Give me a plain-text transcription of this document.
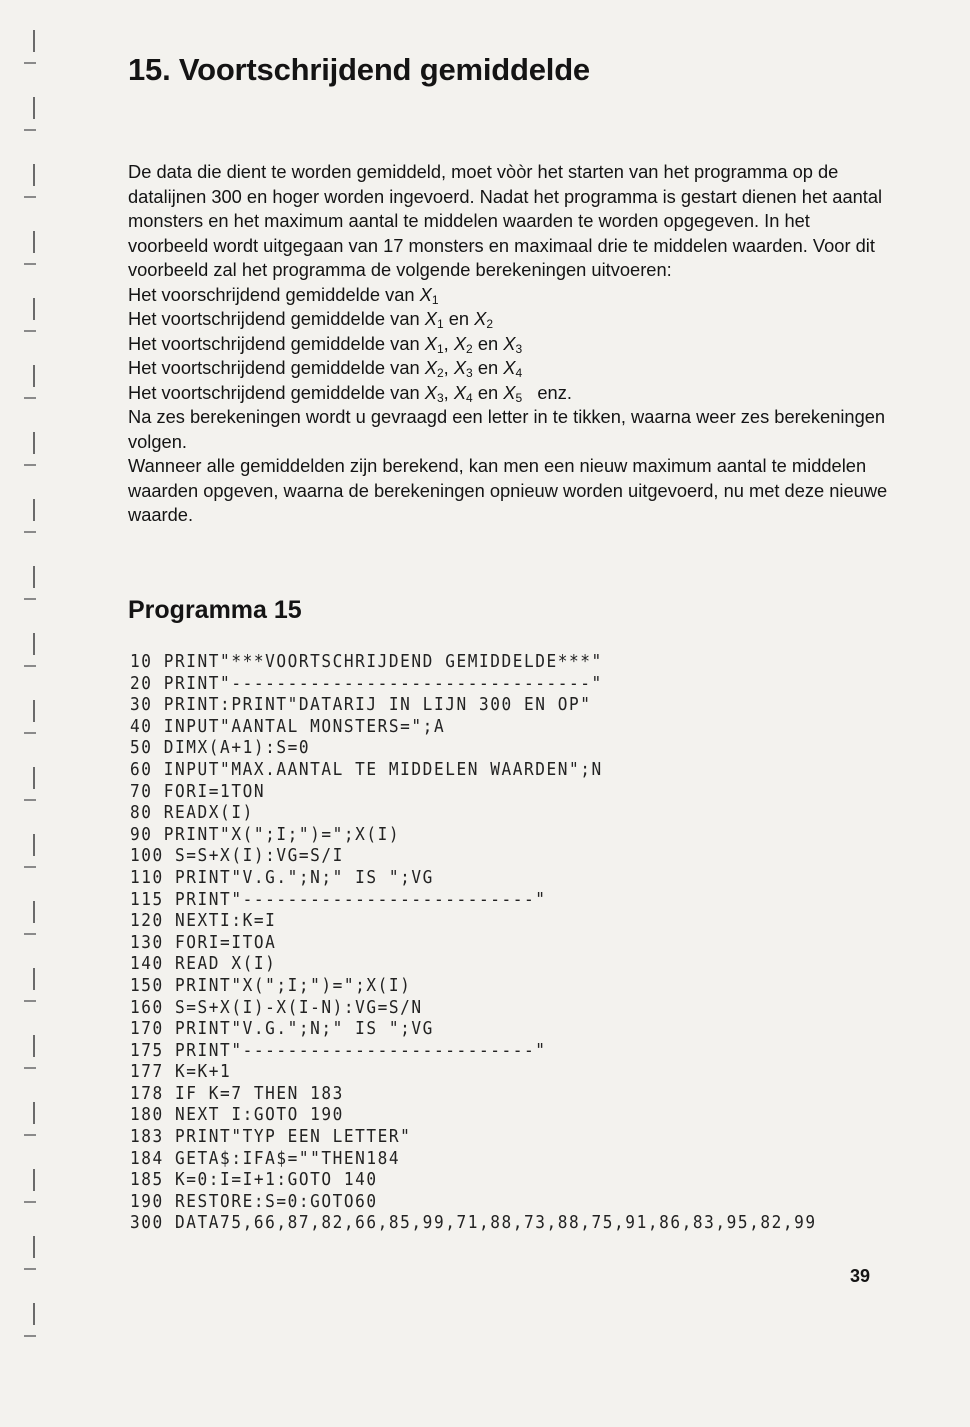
15. Voortschrijdend gemiddelde

De data die dient te worden gemiddeld, moet vòòr het starten van het programma op de datalijnen 300 en hoger worden ingevoerd. Nadat het programma is gestart dienen het aantal monsters en het maximum aantal te middelen waarden te worden opgegeven. In het voorbeeld wordt uitgegaan van 17 monsters en maximaal drie te middelen waarden. Voor dit voorbeeld zal het programma de volgende berekeningen uitvoeren:

Het voorschrijdend gemiddelde van $X_1$

Het voortschrijdend gemiddelde van $X_1$ en $X_2$

Het voortschrijdend gemiddelde van $X_1$, $X_2$ en $X_3$

Het voortschrijdend gemiddelde van $X_2$, $X_3$ en $X_4$

Het voortschrijdend gemiddelde van $X_3$, $X_4$ en $X_5$ enz.

Na zes berekeningen wordt u gevraagd een letter in te tikken, waarna weer zes berekeningen volgen.

Wanneer alle gemiddelden zijn berekend, kan men een nieuw maximum aantal te middelen waarden opgeven, waarna de berekeningen opnieuw worden uitgevoerd, nu met deze nieuwe waarde.

Programma 15
10 PRINT"***VOORTSCHRIJDEND GEMIDDELDE***"
20 PRINT"--------------------------------"
30 PRINT:PRINT"DATARIJ IN LIJN 300 EN OP"
40 INPUT"AANTAL MONSTERS=";A
50 DIMX(A+1):S=0
60 INPUT"MAX.AANTAL TE MIDDELEN WAARDEN";N
70 FORI=1TON
80 READX(I)
90 PRINT"X(";I;")=";X(I)
100 S=S+X(I):VG=S/I
110 PRINT"V.G.";N;" IS ";VG
115 PRINT"--------------------------"
120 NEXTI:K=I
130 FORI=ITOA
140 READ X(I)
150 PRINT"X(";I;")=";X(I)
160 S=S+X(I)-X(I-N):VG=S/N
170 PRINT"V.G.";N;" IS ";VG
175 PRINT"--------------------------"
177 K=K+1
178 IF K=7 THEN 183
180 NEXT I:GOTO 190
183 PRINT"TYP EEN LETTER"
184 GETA$:IFA$=""THEN184
185 K=0:I=I+1:GOTO 140
190 RESTORE:S=0:GOTO60
300 DATA75,66,87,82,66,85,99,71,88,73,88,75,91,86,83,95,82,99
39
